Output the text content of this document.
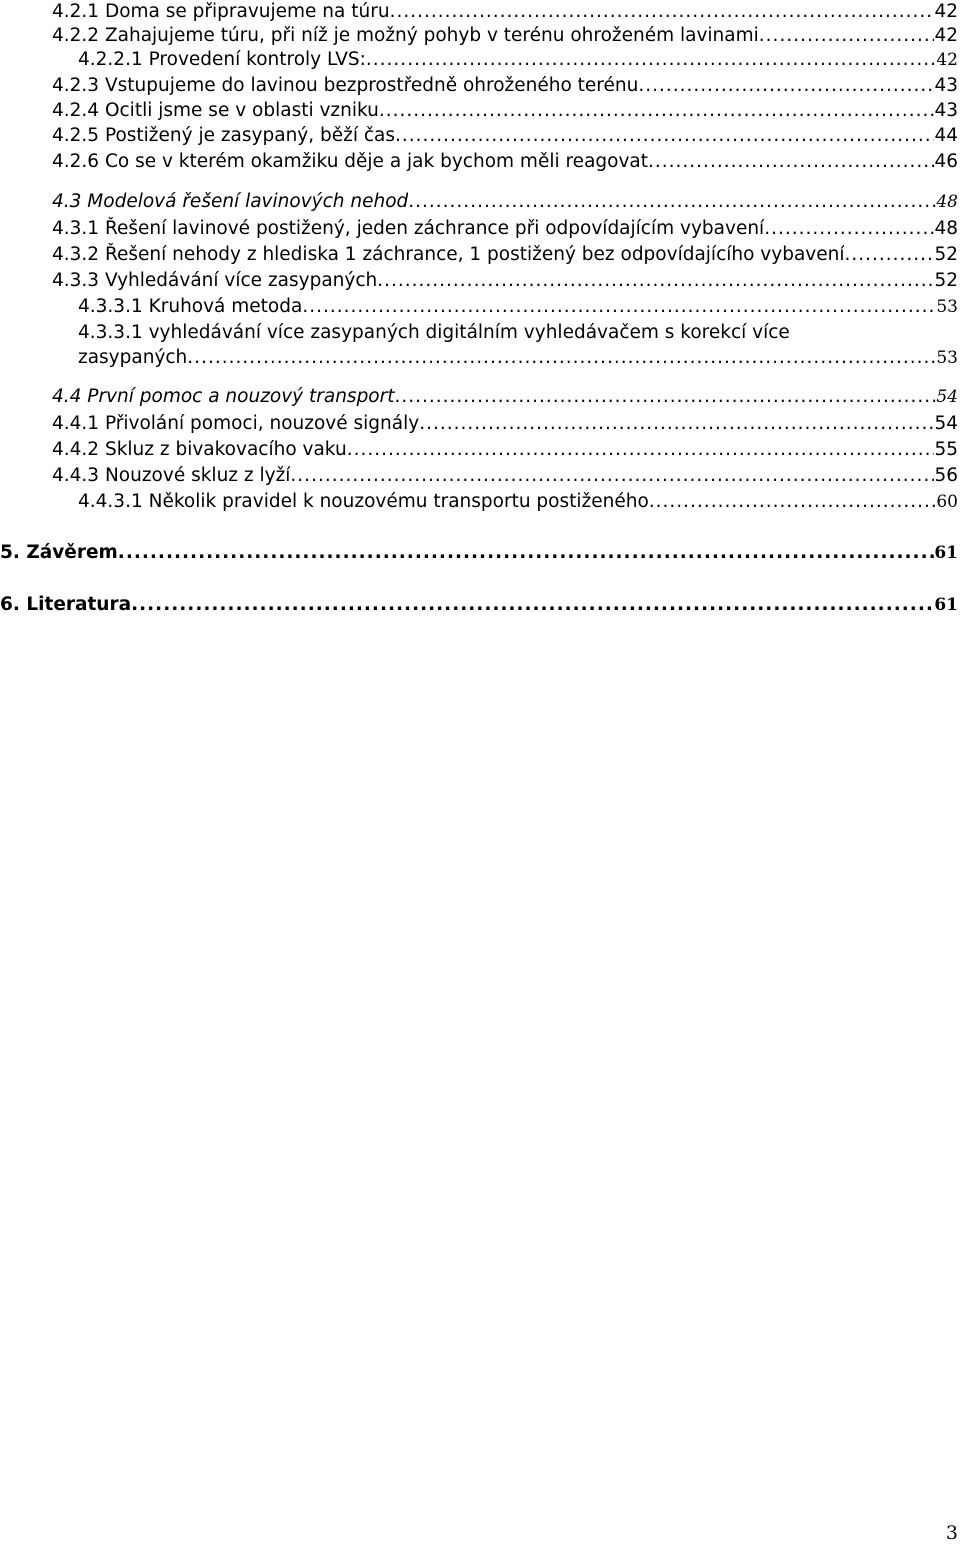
4.2.1 Doma se připravujeme na túru .....	42
4.2.2 Zahajujeme túru, při níž je možný pohyb v terénu ohroženém lavinami .....	42
4.2.2.1 Provedení kontroly LVS: .....	42
4.2.3 Vstupujeme do lavinou bezprostředně ohroženého terénu .....	43
4.2.4 Ocitli jsme se v oblasti vzniku .....	43
4.2.5 Postižený je zasypaný, běží čas .....	44
4.2.6 Co se v kterém okamžiku děje a jak bychom měli reagovat .....	46
4.3 Modelová řešení lavinových nehod .....	48
4.3.1 Řešení lavinové postižený, jeden záchrance při odpovídajícím vybavení .....	48
4.3.2 Řešení nehody z hlediska 1 záchrance, 1 postižený bez odpovídajícího vybavení .....	52
4.3.3 Vyhledávání více zasypaných .....	52
4.3.3.1 Kruhová metoda .....	53
4.3.3.1 vyhledávání více zasypaných digitálním vyhledávačem s korekcí více
zasypaných .....	53
4.4 První pomoc a nouzový transport .....	54
4.4.1 Přivolání pomoci, nouzové signály .....	54
4.4.2 Skluz z bivakovacího vaku .....	55
4.4.3 Nouzové skluz z lyží .....	56
4.4.3.1 Několik pravidel k nouzovému transportu postiženého .....	60
5. Závěrem .....	61
6. Literatura .....	61
3
